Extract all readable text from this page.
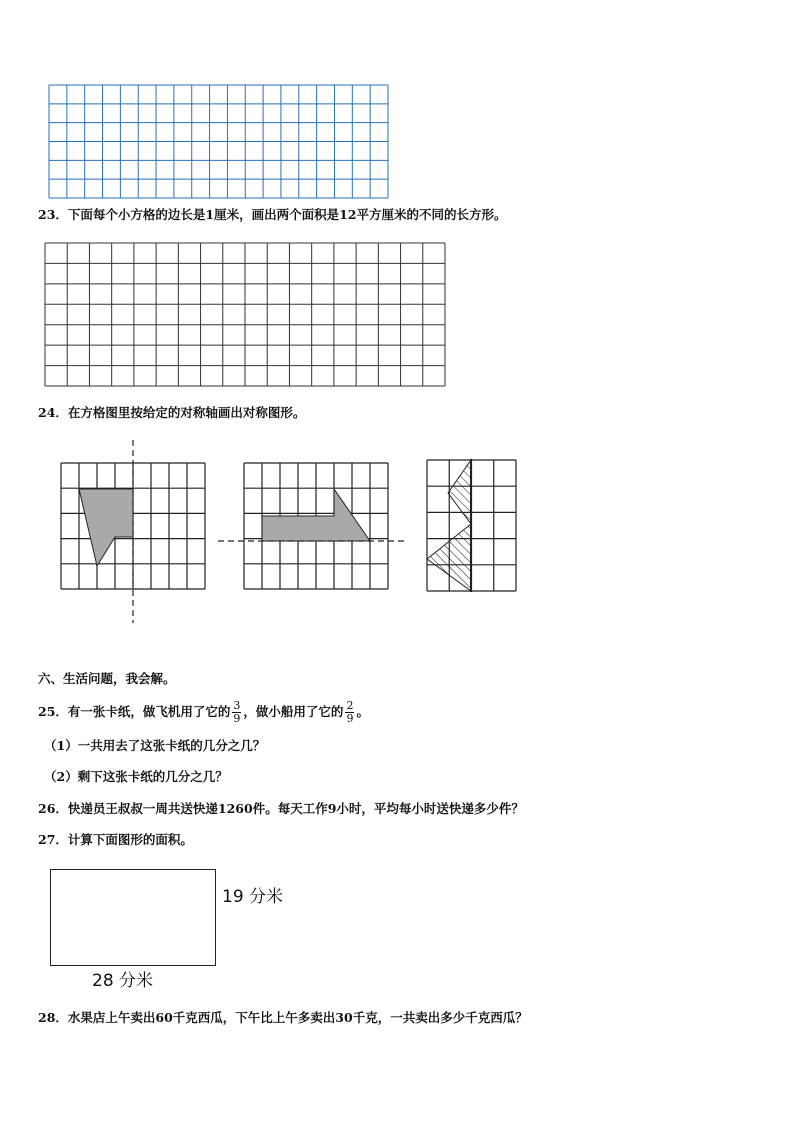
23．下面每个小方格的边长是1厘米，画出两个面积是12平方厘米的不同的长方形。
24．在方格图里按给定的对称轴画出对称图形。
六、生活问题，我会解。
25．有一张卡纸，做飞机用了它的 $\frac{3}{9}$ ，做小船用了它的 $\frac{2}{9}$ 。
（1）一共用去了这张卡纸的几分之几？
（2）剩下这张卡纸的几分之几？
26．快递员王叔叔一周共送快递1260件。每天工作9小时，平均每小时送快递多少件？
27．计算下面图形的面积。
19 分米
28 分米
28．水果店上午卖出60千克西瓜，下午比上午多卖出30千克，一共卖出多少千克西瓜？
